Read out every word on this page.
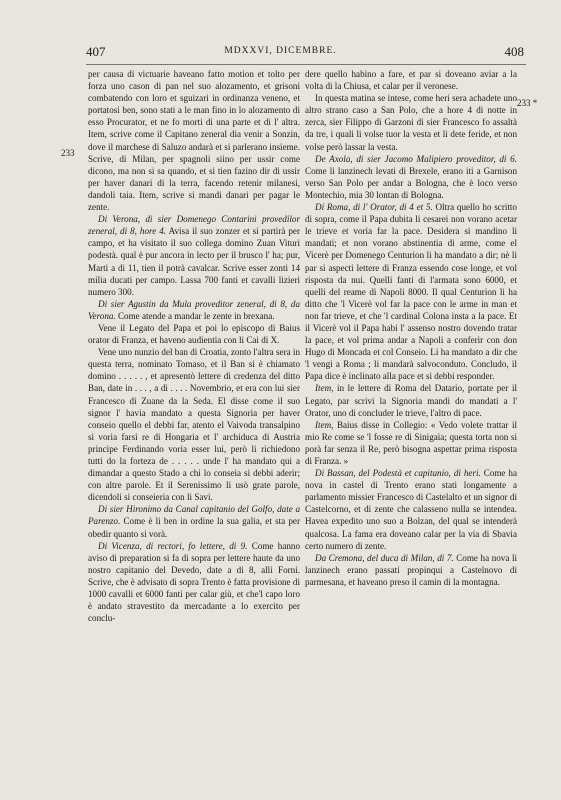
407	MDXXVI, DICEMBRE.	408
233
233 *

per causa di victuarie haveano fatto motion et tolto per forza uno cason di pan nel suo alozamento, et grisoni combatendo con loro et sguizari in ordinanza veneno, et portatosi ben, sono stati a le man fino in lo alozamento di esso Procurator, et ne fo morti di una parte et di l' altra. Item, scrive come il Capitano zeneral dia venir a Sonzin, dove il marchese di Saluzo andarà et si parlerano insieme. Scrive, di Milan, per spagnoli siino per ussir come dicono, ma non si sa quando, et si tien fazino dir di ussir per haver danari di la terra, facendo retenir milanesi, dandoli taia. Item, scrive si mandi danari per pagar le zente.

Di Verona, di sier Domenego Contarini provedilor zeneral, di 8, hore 4. Avisa il suo zonzer et si partirà per campo, et ha visitato il suo collega domino Zuan Vituri podestà. qual è pur ancora in lecto per il brusco l' ha; pur, Marti a di 11, tien il potrà cavalcar. Scrive esser zonti 14 milia ducati per campo. Lassa 700 fanti et cavalli lizieri numero 300.

Di sier Agustin da Mula proveditor zeneral, di 8, da Verona. Come atende a mandar le zente in brexana.

Vene il Legato del Papa et poi lo episcopo di Baius orator di Franza, et haveno audientia con li Cai di X.

Vene uno nunzio del ban di Croatia, zonto l'altra sera in questa terra, nominato Tomaso, et il Ban si è chiamato domino . . . . . , et apresentò lettere di credenza del ditto Ban, date in . . . , a dì . . . . Novembrio, et era con lui sier Francesco di Zuane da la Seda. El disse come il suo signor l' havia mandato a questa Signoria per haver conseio quello el debbi far, atento el Vaivoda transalpino si voria farsi re di Hongaria et l' archiduca di Austria principe Ferdinando voria esser lui, però li richiedono tutti do la forteza de . . . . . unde l' ha mandato qui a dimandar a questo Stado a chi lo conseia si debbi aderir; con altre parole. Et il Serenissimo li usò grate parole, dicendoli si conseieria con li Savi.

Di sier Hironimo da Canal capitanio del Golfo, date a Parenzo. Come è li ben in ordine la sua galia, et sta per obedir quanto si vorà.

Di Vicenza, di rectori, fo lettere, di 9. Come hanno aviso di preparation si fa di sopra per lettere haute da uno nostro capitanio del Devedo, date a di 8, alli Forni. Scrive, che è advisato di sopra Trento è fatta provisione di 1000 cavalli et 6000 fanti per calar giù, et che'l capo loro è andato stravestito da mercadante a lo exercito per conclu-

dere quello habino a fare, et par si doveano aviar a la volta di la Chiusa, et calar per il veronese.

In questa matina se intese, come heri sera achadete uno altro strano caso a San Polo, che a hore 4 di notte in zerca, sier Filippo di Garzoni di sier Francesco fo assaltà da tre, i quali li volse tuor la vesta et li dete feride, et non volse però lassar la vesta.

De Axola, di sier Jacomo Malipiero proveditor, di 6. Come li lanzinech levati di Brexele, erano iti a Garnison verso San Polo per andar a Bologna, che è loco verso Montechio, mia 30 lontan di Bologna.

Di Roma, di l' Orator, di 4 et 5. Oltra quello ho scritto di sopra, come il Papa dubita li cesarei non vorano acetar le trieve et voria far la pace. Desidera si mandino li mandati; et non vorano abstinentia di arme, come el Vicerè per Domenego Centurion li ha mandato a dir; nè li par si aspecti lettere di Franza essendo cose longe, et vol risposta da nui. Quelli fanti di l'armata sono 6000, et quelli del reame di Napoli 8000. Il qual Centurion li ha ditto che 'l Vicerè vol far la pace con le arme in man et non far trieve, et che 'l cardinal Colona insta a la pace. Et il Vicerè vol il Papa habi l' assenso nostro dovendo tratar la pace, et vol prima andar a Napoli a conferir con don Hugo di Moncada et col Conseio. Li ha mandato a dir che 'l vengi a Roma ; li mandarà salvoconduto. Concludo, il Papa dice è inclinato alla pace et si debbi responder.

Item, in le lettere di Roma del Datario, portate per il Legato, par scrivi la Signoria mandi do mandati a l' Orator, uno di concluder le trieve, l'altro di pace.

Item, Baius disse in Collegio: « Vedo volete trattar il mio Re come se 'l fosse re di Sinigaia; questa torta non si porà far senza il Re, però bisogna aspettar prima risposta di Franza. »

Di Bassan, del Podestà et capitanio, di heri. Come ha nova in castel di Trento erano stati longamente a parlamento missier Francesco di Castelalto et un signor di Castelcorno, et di zente che calasseno nulla se intendea. Havea expedito uno suo a Bolzan, del qual se intenderà qualcosa. La fama era doveano calar per la via di Sbavia certo numero di zente.

Da Cremona, del duca di Milan, di 7. Come ha nova li lanzinech erano passati propinqui a Castelnovo di parmesana, et haveano preso il camin di la montagna.
